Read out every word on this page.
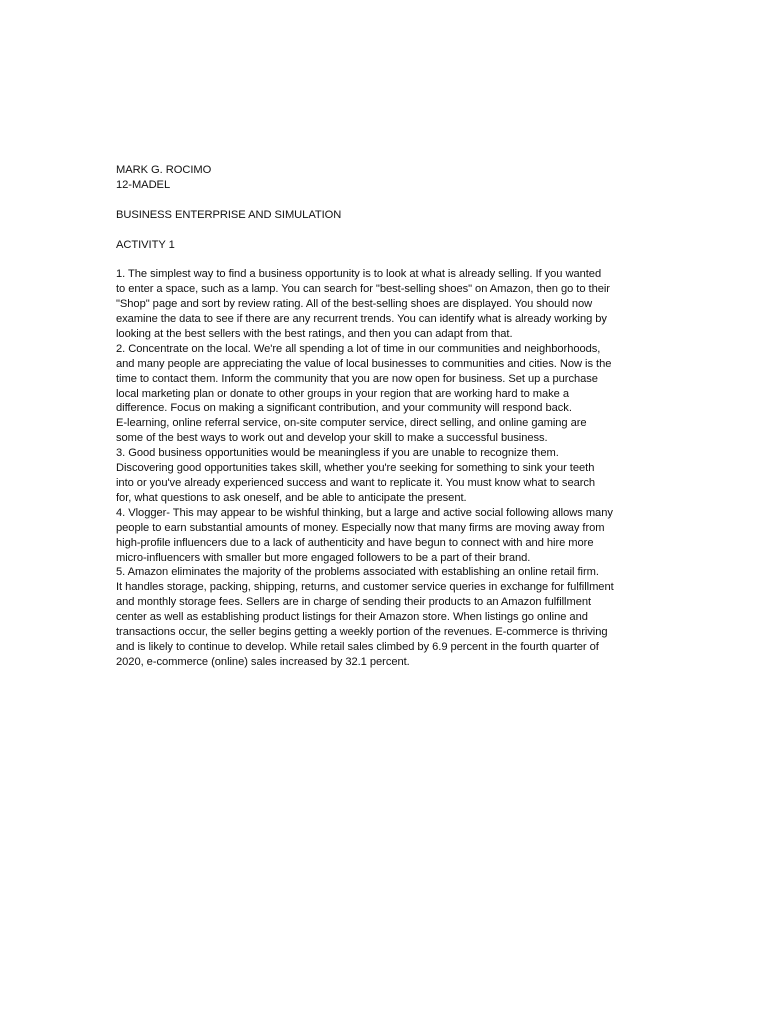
MARK G. ROCIMO
12-MADEL
BUSINESS ENTERPRISE AND SIMULATION
ACTIVITY 1
1. The simplest way to find a business opportunity is to look at what is already selling. If you wanted
to enter a space, such as a lamp. You can search for "best-selling shoes" on Amazon, then go to their
"Shop" page and sort by review rating. All of the best-selling shoes are displayed. You should now
examine the data to see if there are any recurrent trends. You can identify what is already working by
looking at the best sellers with the best ratings, and then you can adapt from that.
2. Concentrate on the local. We're all spending a lot of time in our communities and neighborhoods,
and many people are appreciating the value of local businesses to communities and cities. Now is the
time to contact them. Inform the community that you are now open for business. Set up a purchase
local marketing plan or donate to other groups in your region that are working hard to make a
difference. Focus on making a significant contribution, and your community will respond back.
E-learning, online referral service, on-site computer service, direct selling, and online gaming are
some of the best ways to work out and develop your skill to make a successful business.
3. Good business opportunities would be meaningless if you are unable to recognize them.
Discovering good opportunities takes skill, whether you're seeking for something to sink your teeth
into or you've already experienced success and want to replicate it. You must know what to search
for, what questions to ask oneself, and be able to anticipate the present.
4. Vlogger- This may appear to be wishful thinking, but a large and active social following allows many
people to earn substantial amounts of money. Especially now that many firms are moving away from
high-profile influencers due to a lack of authenticity and have begun to connect with and hire more
micro-influencers with smaller but more engaged followers to be a part of their brand.
5. Amazon eliminates the majority of the problems associated with establishing an online retail firm.
It handles storage, packing, shipping, returns, and customer service queries in exchange for fulfillment
and monthly storage fees. Sellers are in charge of sending their products to an Amazon fulfillment
center as well as establishing product listings for their Amazon store. When listings go online and
transactions occur, the seller begins getting a weekly portion of the revenues. E-commerce is thriving
and is likely to continue to develop. While retail sales climbed by 6.9 percent in the fourth quarter of
2020, e-commerce (online) sales increased by 32.1 percent.
